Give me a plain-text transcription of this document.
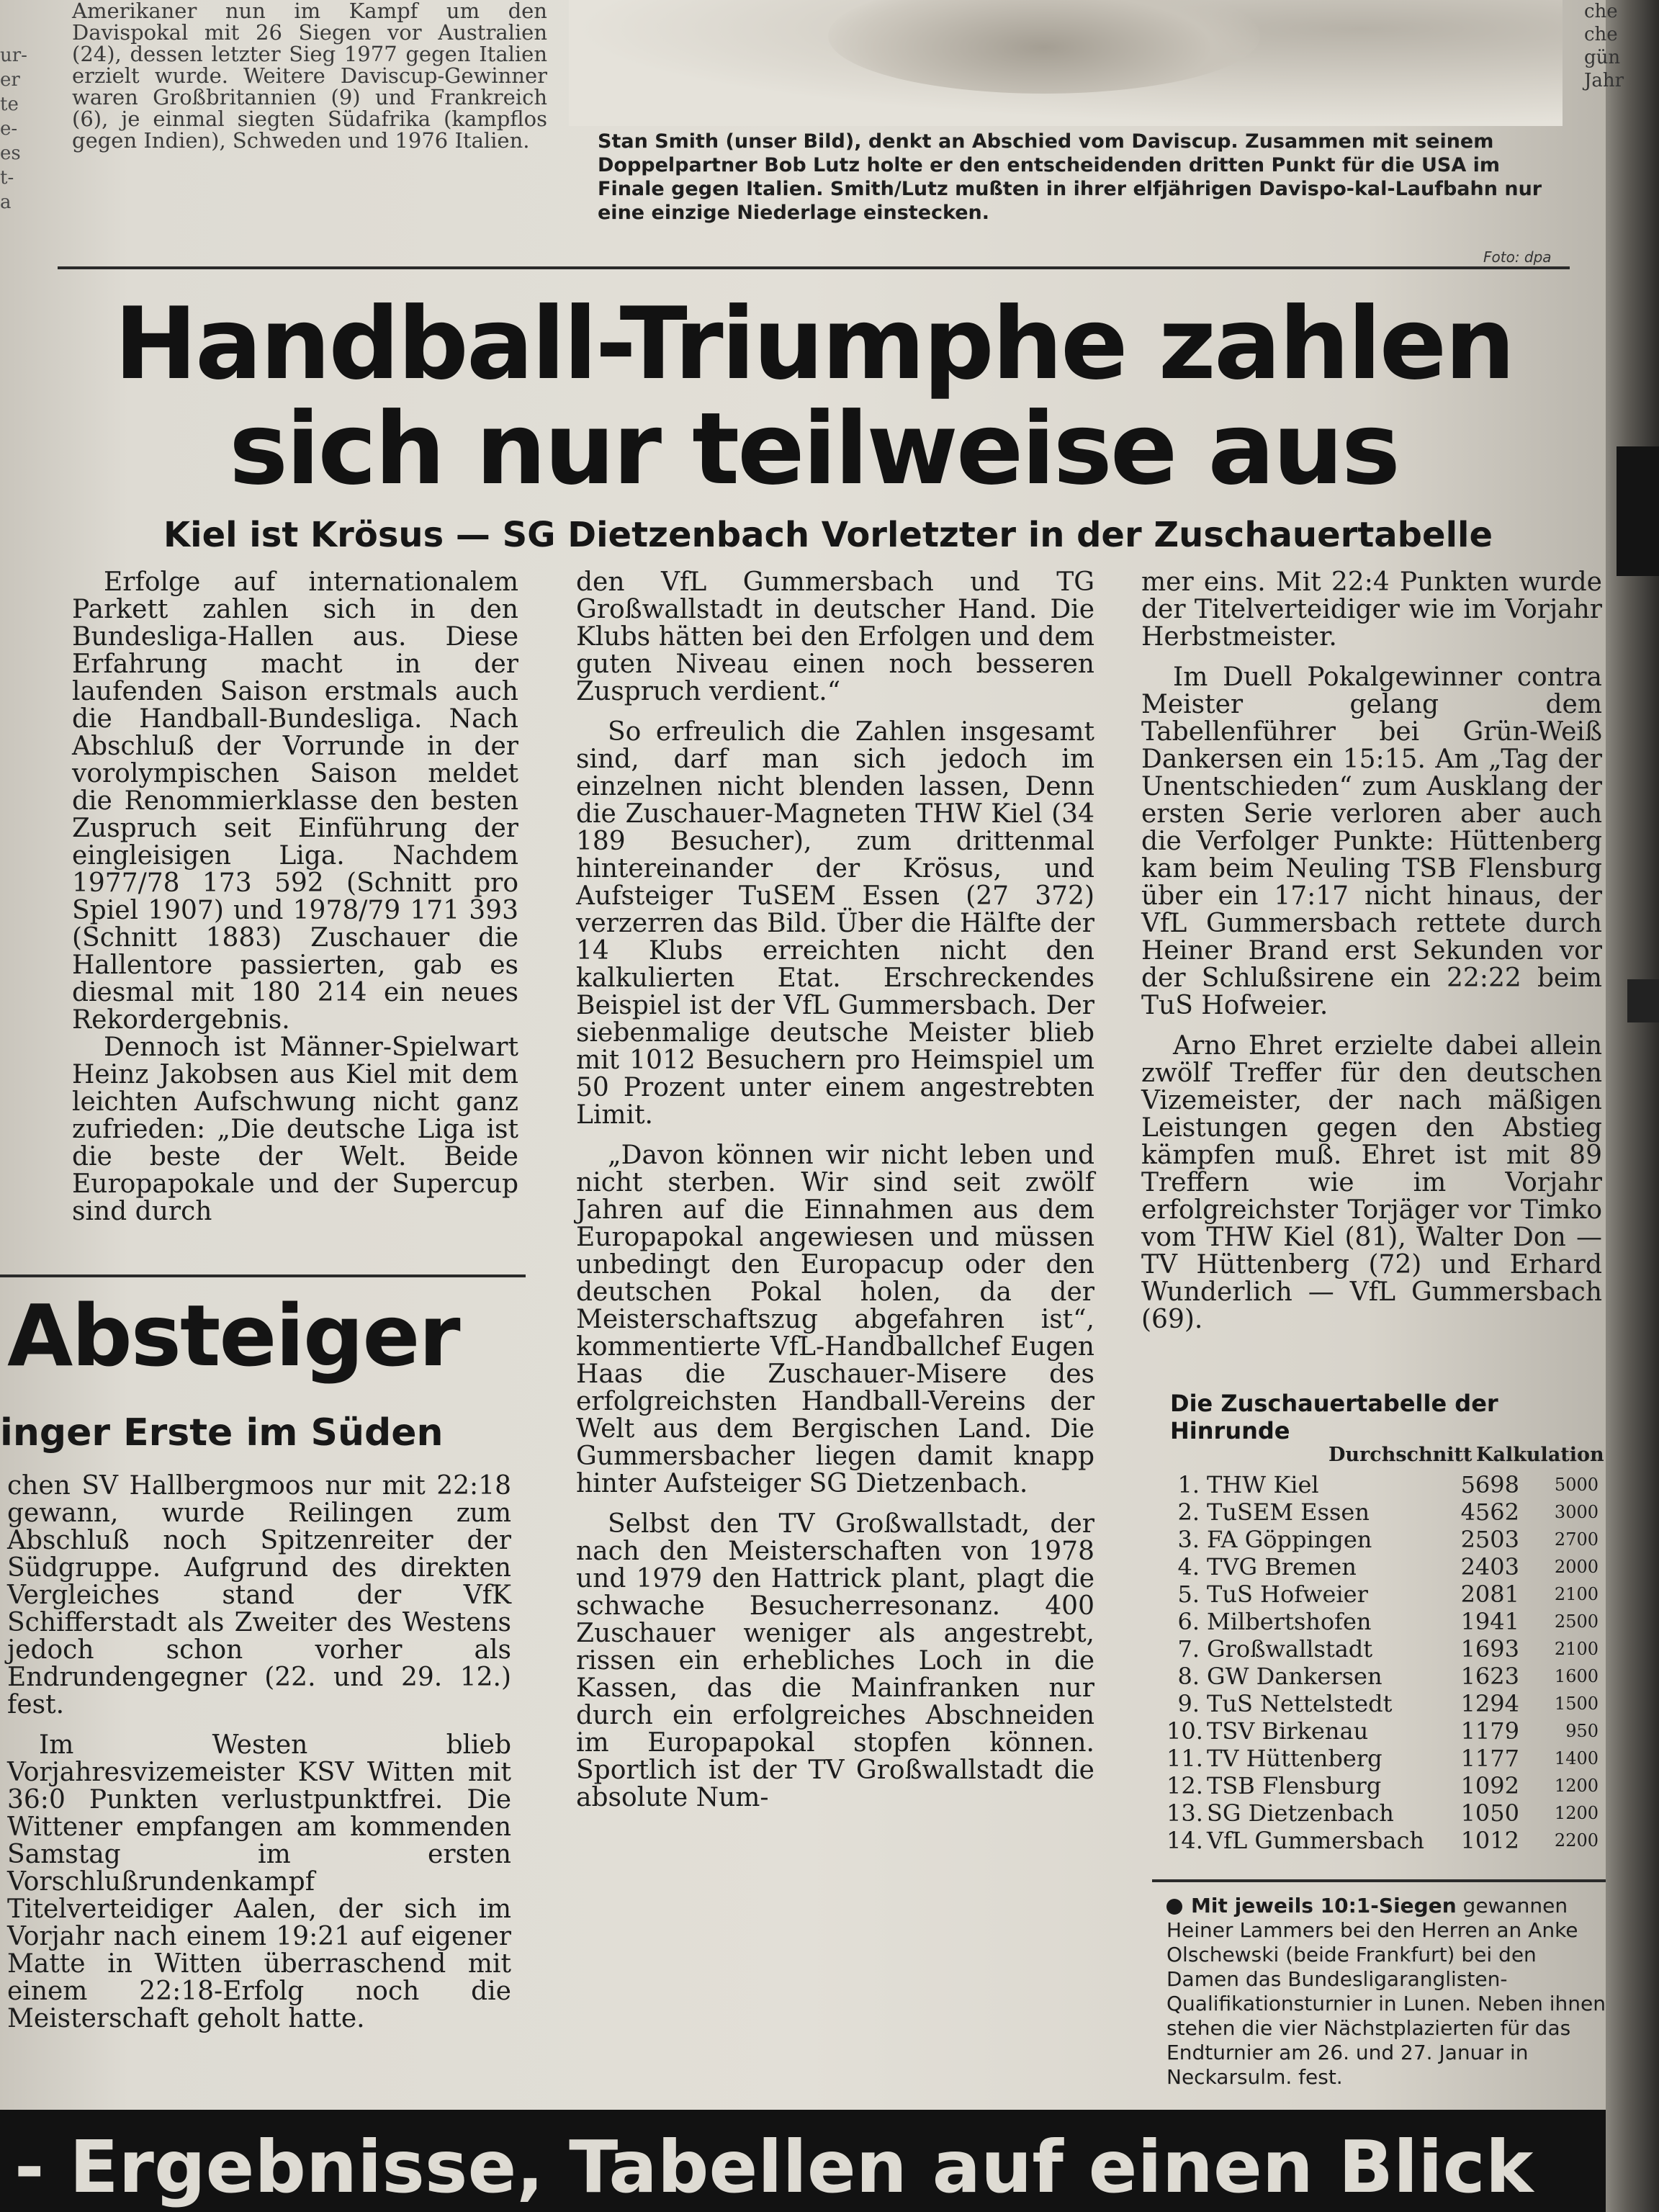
ur-
er
te
e-
es
t-
a
Amerikaner nun im Kampf um den Davispokal mit 26 Siegen vor Australien (24), dessen letzter Sieg 1977 gegen Italien erzielt wurde. Weitere Daviscup-Gewinner waren Großbritannien (9) und Frankreich (6), je einmal siegten Südafrika (kampflos gegen Indien), Schweden und 1976 Italien.	Stan Smith (unser Bild), denkt an Abschied vom Daviscup. Zusammen mit seinem Doppelpartner Bob Lutz holte er den entscheidenden dritten Punkt für die USA im Finale gegen Italien. Smith/Lutz mußten in ihrer elfjährigen Davispo-kal-Laufbahn nur eine einzige Niederlage einstecken.
Foto: dpa
Handball-Triumphe zahlen sich nur teilweise aus
Kiel ist Krösus — SG Dietzenbach Vorletzter in der Zuschauertabelle
Erfolge auf internationalem Parkett zahlen sich in den Bundesliga-Hallen aus. Diese Erfahrung macht in der laufenden Saison erstmals auch die Handball-Bundesliga. Nach Abschluß der Vorrunde in der vorolympischen Saison meldet die Renommierklasse den besten Zuspruch seit Einführung der eingleisigen Liga. Nachdem 1977/78 173 592 (Schnitt pro Spiel 1907) und 1978/79 171 393 (Schnitt 1883) Zuschauer die Hallentore passierten, gab es diesmal mit 180 214 ein neues Rekordergebnis.
Dennoch ist Männer-Spielwart Heinz Jakobsen aus Kiel mit dem leichten Aufschwung nicht ganz zufrieden: „Die deutsche Liga ist die beste der Welt. Beide Europapokale und der Supercup sind durch
den VfL Gummersbach und TG Großwallstadt in deutscher Hand. Die Klubs hätten bei den Erfolgen und dem guten Niveau einen noch besseren Zuspruch verdient.“
So erfreulich die Zahlen insgesamt sind, darf man sich jedoch im einzelnen nicht blenden lassen, Denn die Zuschauer-Magneten THW Kiel (34 189 Besucher), zum drittenmal hintereinander der Krösus, und Aufsteiger TuSEM Essen (27 372) verzerren das Bild. Über die Hälfte der 14 Klubs erreichten nicht den kalkulierten Etat. Erschreckendes Beispiel ist der VfL Gummersbach. Der siebenmalige deutsche Meister blieb mit 1012 Besuchern pro Heimspiel um 50 Prozent unter einem angestrebten Limit.
„Davon können wir nicht leben und nicht sterben. Wir sind seit zwölf Jahren auf die Einnahmen aus dem Europapokal angewiesen und müssen unbedingt den Europacup oder den deutschen Pokal holen, da der Meisterschaftszug abgefahren ist“, kommentierte VfL-Handballchef Eugen Haas die Zuschauer-Misere des erfolgreichsten Handball-Vereins der Welt aus dem Bergischen Land. Die Gummersbacher liegen damit knapp hinter Aufsteiger SG Dietzenbach.
Selbst den TV Großwallstadt, der nach den Meisterschaften von 1978 und 1979 den Hattrick plant, plagt die schwache Besucherresonanz. 400 Zuschauer weniger als angestrebt, rissen ein erhebliches Loch in die Kassen, das die Mainfranken nur durch ein erfolgreiches Abschneiden im Europapokal stopfen können. Sportlich ist der TV Großwallstadt die absolute Num-
mer eins. Mit 22:4 Punkten wurde der Titelverteidiger wie im Vorjahr Herbstmeister.
Im Duell Pokalgewinner contra Meister gelang dem Tabellenführer bei Grün-Weiß Dankersen ein 15:15. Am „Tag der Unentschieden“ zum Ausklang der ersten Serie verloren aber auch die Verfolger Punkte: Hüttenberg kam beim Neuling TSB Flensburg über ein 17:17 nicht hinaus, der VfL Gummersbach rettete durch Heiner Brand erst Sekunden vor der Schlußsirene ein 22:22 beim TuS Hofweier.
Arno Ehret erzielte dabei allein zwölf Treffer für den deutschen Vizemeister, der nach mäßigen Leistungen gegen den Abstieg kämpfen muß. Ehret ist mit 89 Treffern wie im Vorjahr erfolgreichster Torjäger vor Timko vom THW Kiel (81), Walter Don — TV Hüttenberg (72) und Erhard Wunderlich — VfL Gummersbach (69).
Absteiger
inger Erste im Süden
chen SV Hallbergmoos nur mit 22:18 gewann, wurde Reilingen zum Abschluß noch Spitzenreiter der Südgruppe. Aufgrund des direkten Vergleiches stand der VfK Schifferstadt als Zweiter des Westens jedoch schon vorher als Endrundengegner (22. und 29. 12.) fest.
Im Westen blieb Vorjahresvizemeister KSV Witten mit 36:0 Punkten verlustpunktfrei. Die Wittener empfangen am kommenden Samstag im ersten Vorschlußrundenkampf Titelverteidiger Aalen, der sich im Vorjahr nach einem 19:21 auf eigener Matte in Witten überraschend mit einem 22:18-Erfolg noch die Meisterschaft geholt hatte.
Die Zuschauertabelle der Hinrunde
Durchschnitt Kalkulation
1. THW Kiel	5698	5000
2. TuSEM Essen	4562	3000
3. FA Göppingen	2503	2700
4. TVG Bremen	2403	2000
5. TuS Hofweier	2081	2100
6. Milbertshofen	1941	2500
7. Großwallstadt	1693	2100
8. GW Dankersen	1623	1600
9. TuS Nettelstedt	1294	1500
10. TSV Birkenau	1179	950
11. TV Hüttenberg	1177	1400
12. TSB Flensburg	1092	1200
13. SG Dietzenbach	1050	1200
14. VfL Gummersbach	1012	2200
Mit jeweils 10:1-Siegen gewannen Heiner Lammers bei den Herren an Anke Olschewski (beide Frankfurt) bei den Damen das Bundesligaranglisten-Qualifikationsturnier in Lunen. Neben ihnen stehen die vier Nächstplazierten für das Endturnier am 26. und 27. Januar in Neckarsulm. fest.
- Ergebnisse, Tabellen auf einen Blick
che
che
gün
Jahr
